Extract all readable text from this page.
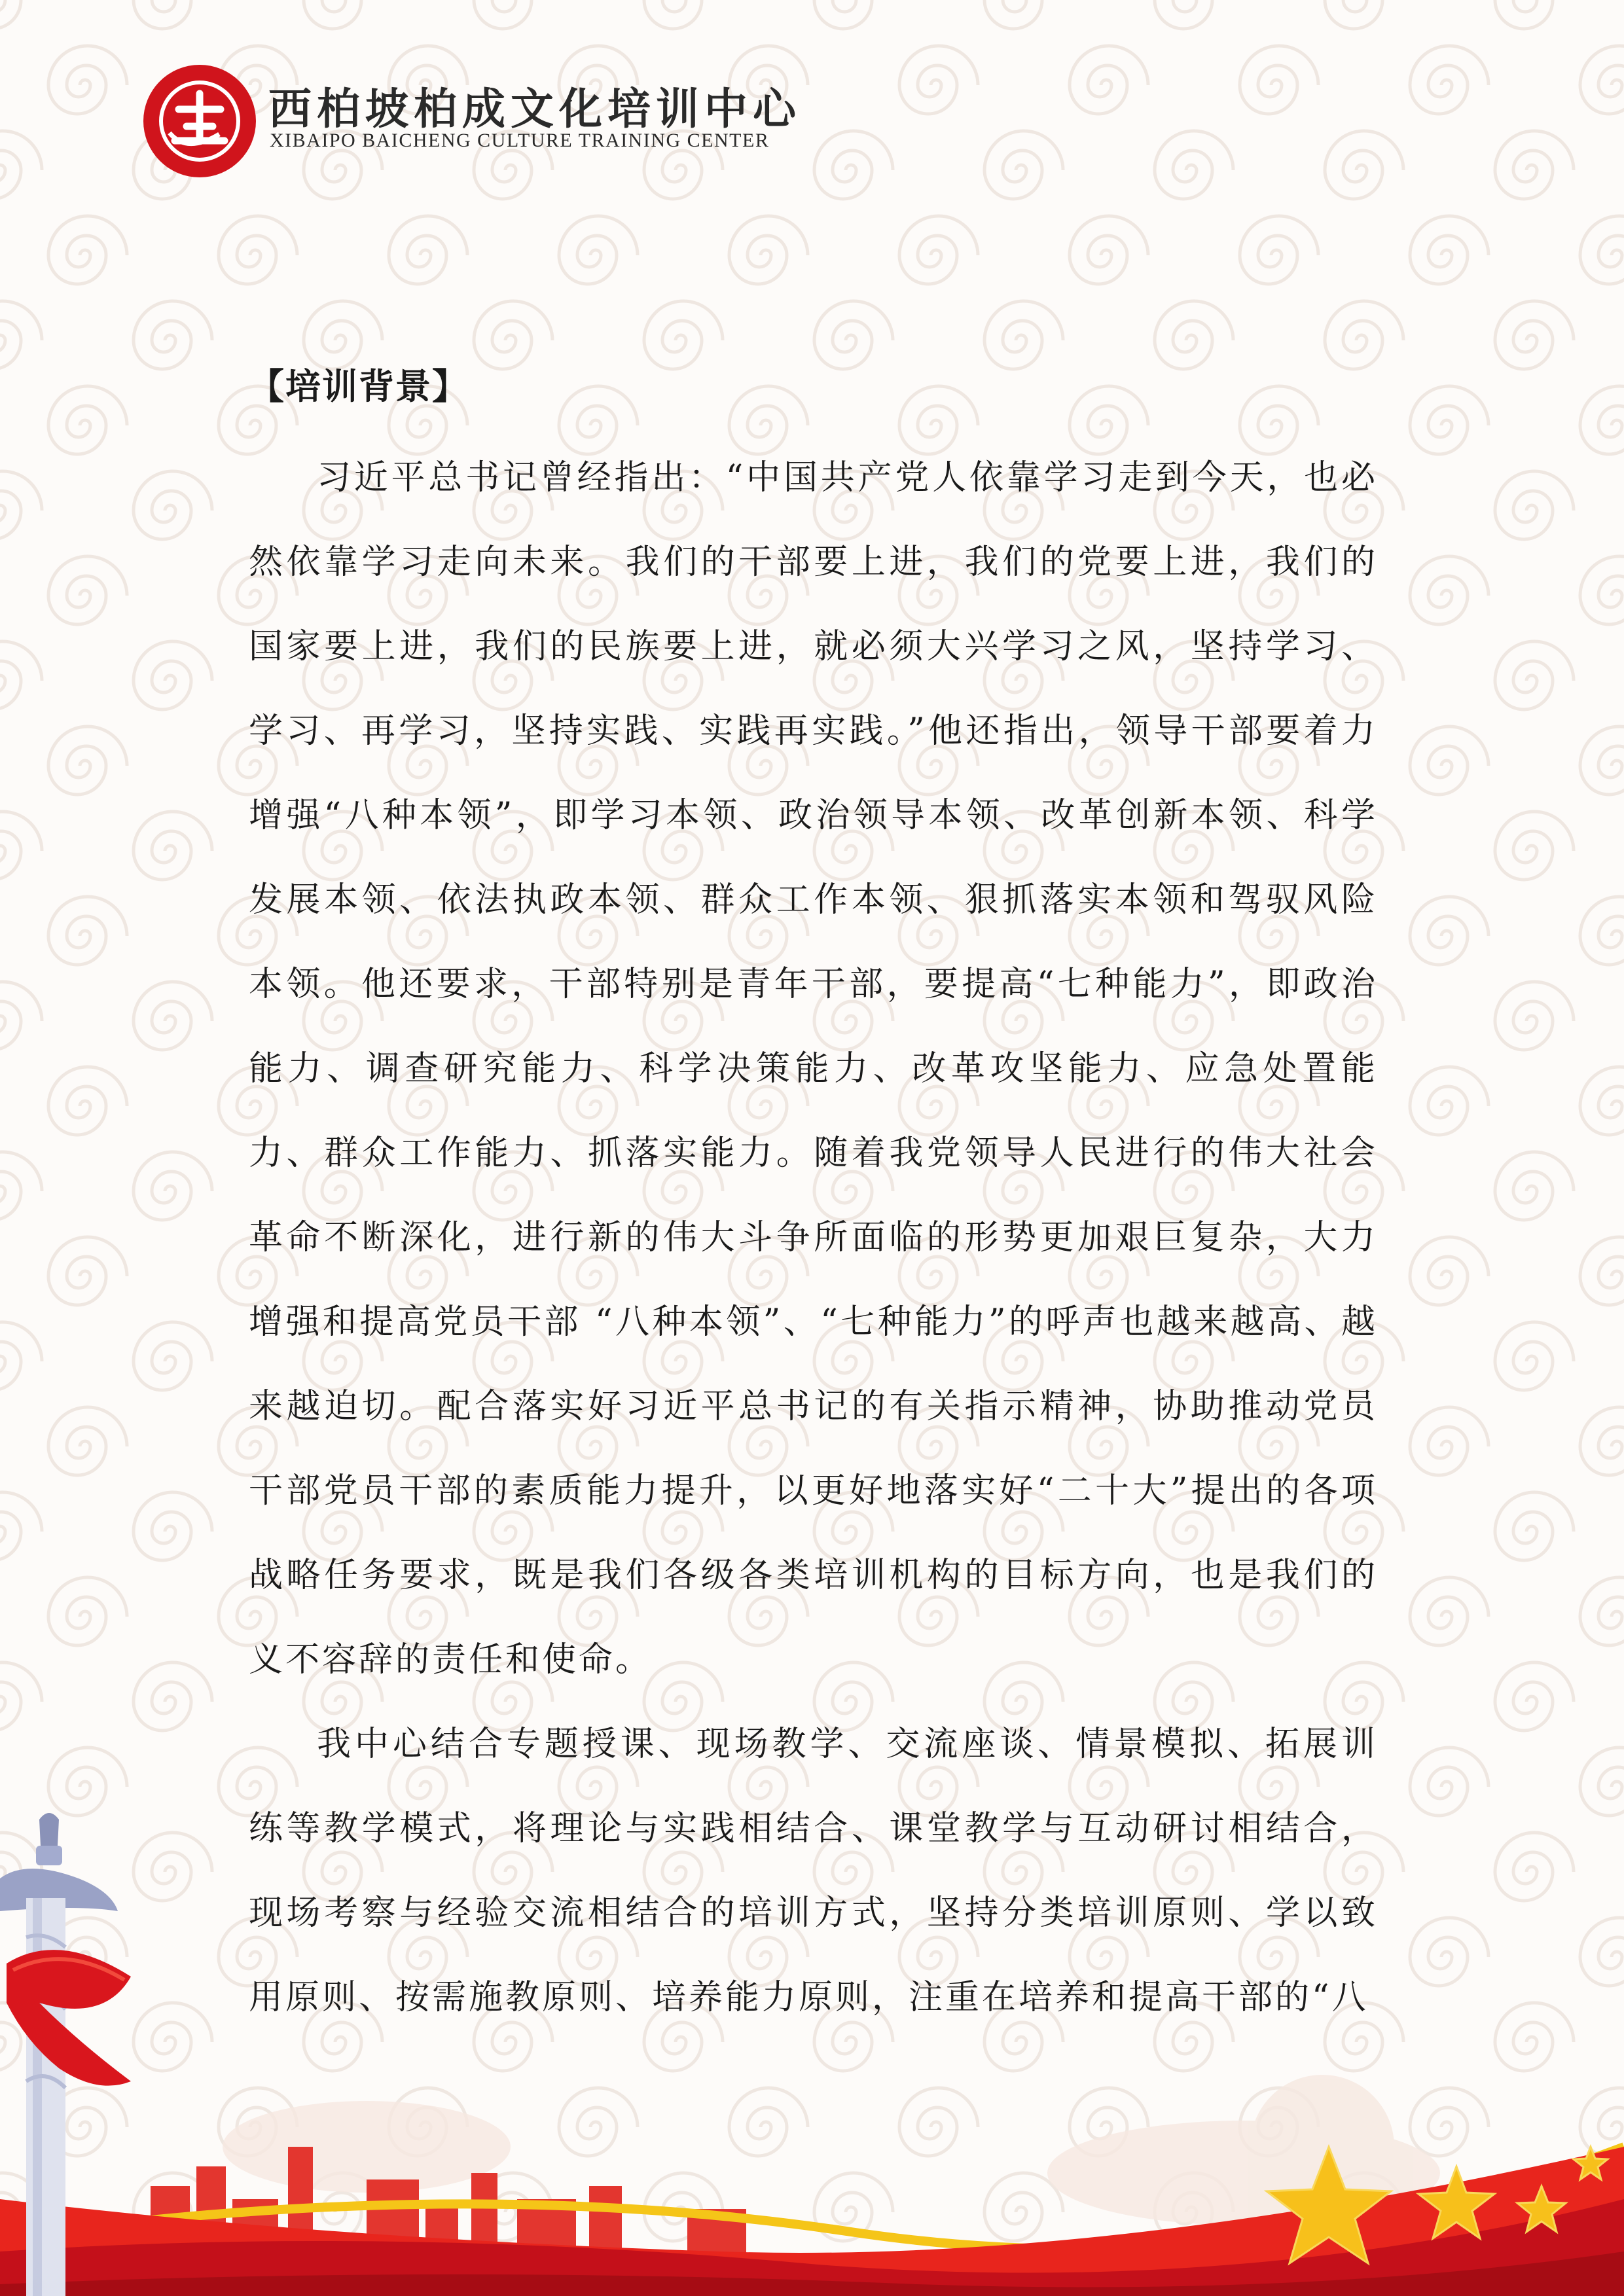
西柏坡柏成文化培训中心
XIBAIPO BAICHENG CULTURE TRAINING CENTER
【培训背景】

习近平总书记曾经指出：“中国共产党人依靠学习走到今天，也必然依靠学习走向未来。我们的干部要上进，我们的党要上进，我们的国家要上进，我们的民族要上进，就必须大兴学习之风，坚持学习、学习、再学习，坚持实践、实践再实践。”他还指出，领导干部要着力增强“八种本领”，即学习本领、政治领导本领、改革创新本领、科学发展本领、依法执政本领、群众工作本领、狠抓落实本领和驾驭风险本领。他还要求，干部特别是青年干部，要提高“七种能力”，即政治能力、调查研究能力、科学决策能力、改革攻坚能力、应急处置能力、群众工作能力、抓落实能力。随着我党领导人民进行的伟大社会革命不断深化，进行新的伟大斗争所面临的形势更加艰巨复杂，大力增强和提高党员干部 “八种本领”、“七种能力”的呼声也越来越高、越来越迫切。配合落实好习近平总书记的有关指示精神，协助推动党员干部党员干部的素质能力提升，以更好地落实好“二十大”提出的各项战略任务要求，既是我们各级各类培训机构的目标方向，也是我们的义不容辞的责任和使命。

我中心结合专题授课、现场教学、交流座谈、情景模拟、拓展训练等教学模式，将理论与实践相结合、课堂教学与互动研讨相结合，现场考察与经验交流相结合的培训方式，坚持分类培训原则、学以致用原则、按需施教原则、培养能力原则，注重在培养和提高干部的“八
